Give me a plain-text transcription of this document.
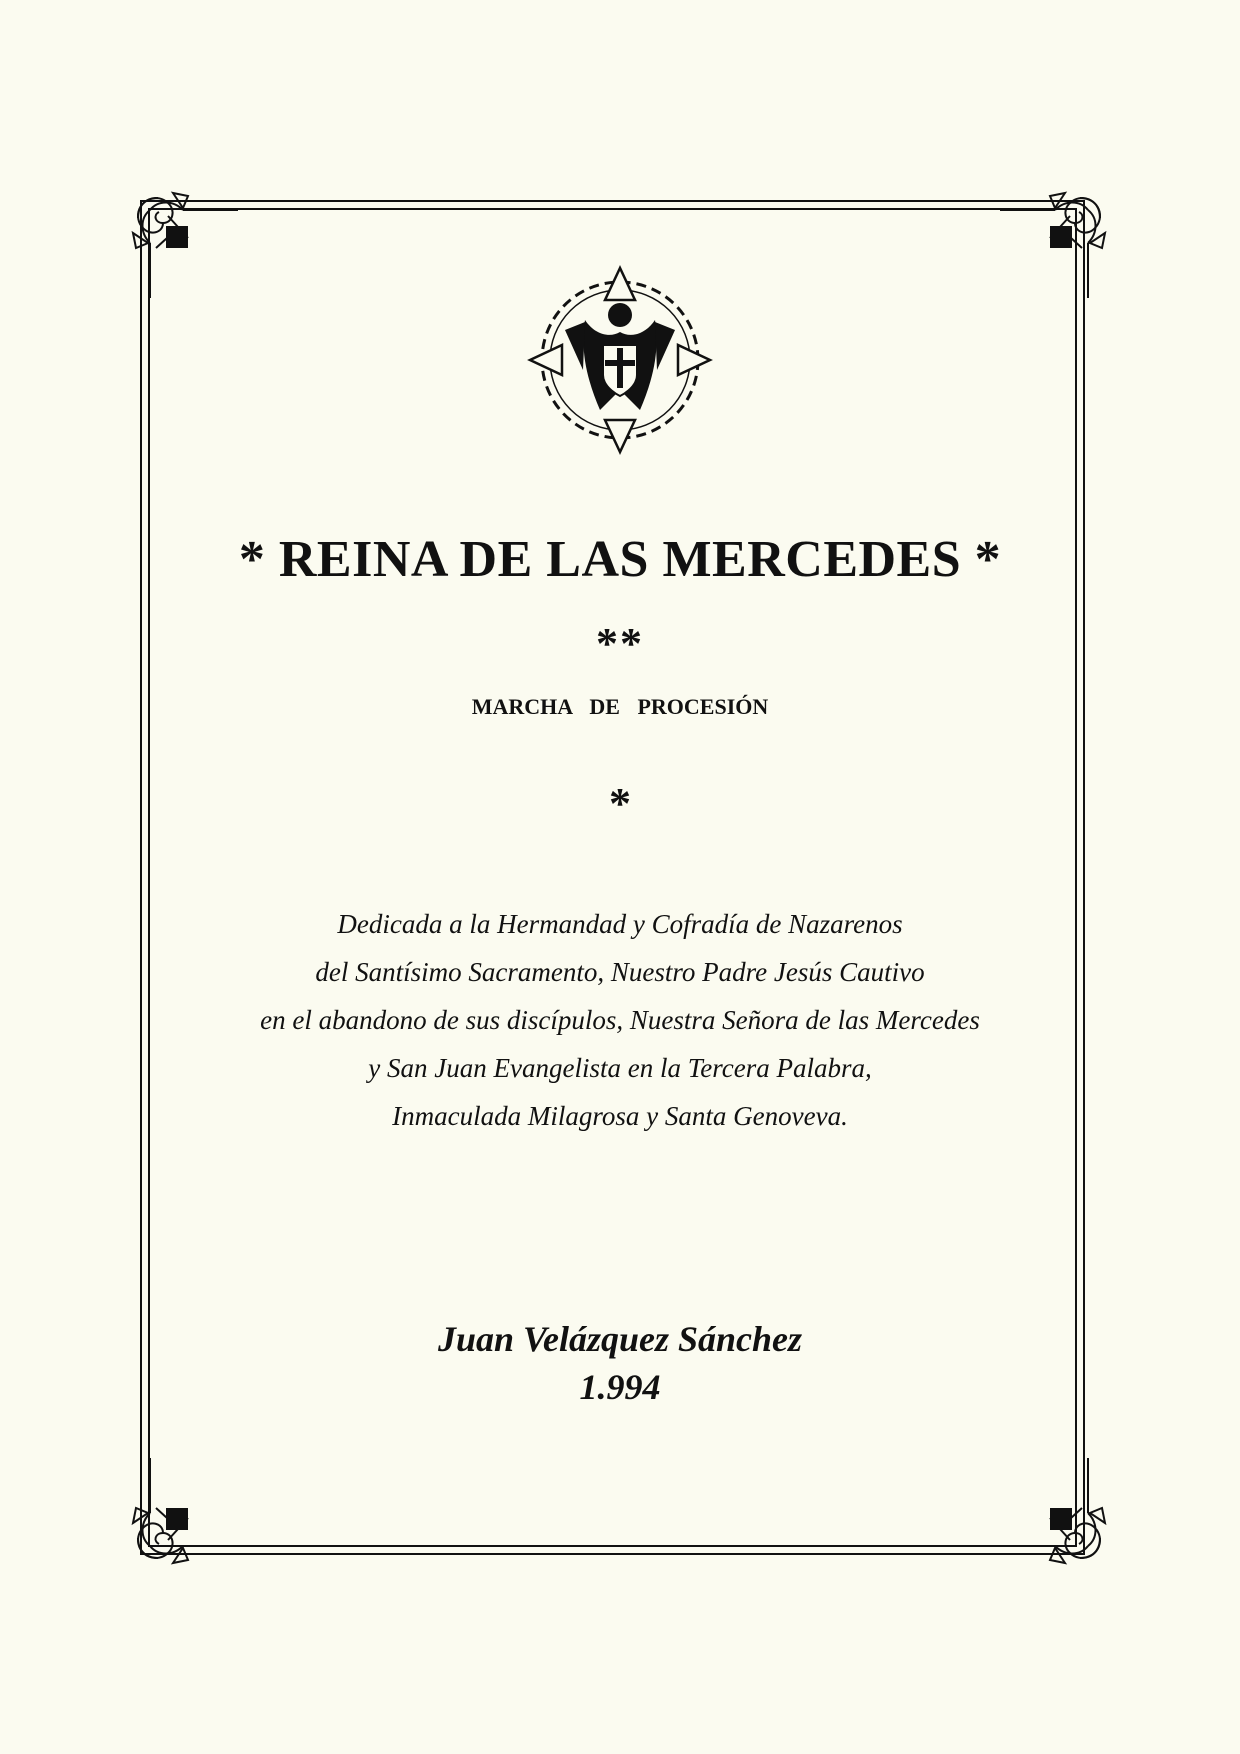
* REINA DE LAS MERCEDES *
**
MARCHA DE PROCESIÓN
*
Dedicada a la Hermandad y Cofradía de Nazarenos
del Santísimo Sacramento, Nuestro Padre Jesús Cautivo
en el abandono de sus discípulos, Nuestra Señora de las Mercedes
y San Juan Evangelista en la Tercera Palabra,
Inmaculada Milagrosa y Santa Genoveva.
Juan Velázquez Sánchez
1.994
